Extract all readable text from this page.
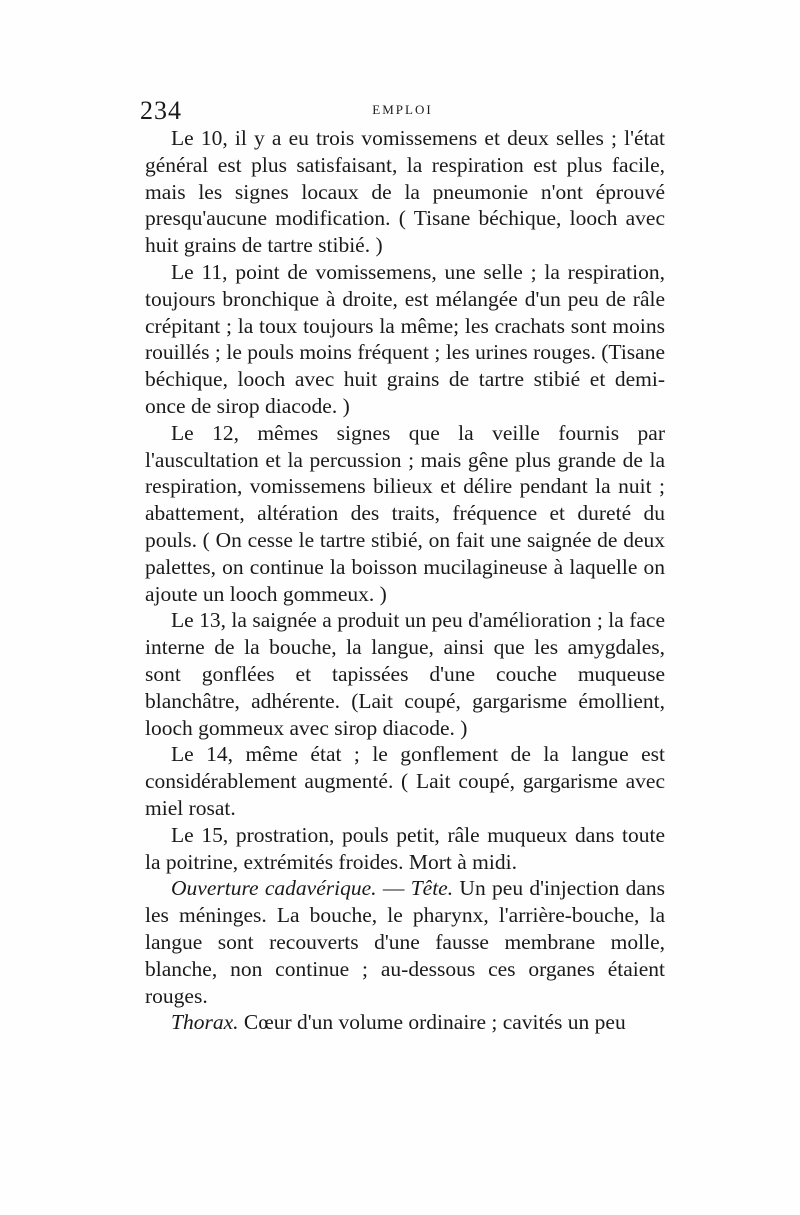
234	EMPLOI

Le 10, il y a eu trois vomissemens et deux selles ; l'état général est plus satisfaisant, la respiration est plus facile, mais les signes locaux de la pneumonie n'ont éprouvé presqu'aucune modification. ( Tisane béchique, looch avec huit grains de tartre stibié. )

Le 11, point de vomissemens, une selle ; la respiration, toujours bronchique à droite, est mélangée d'un peu de râle crépitant ; la toux toujours la même; les crachats sont moins rouillés ; le pouls moins fréquent ; les urines rouges. (Tisane béchique, looch avec huit grains de tartre stibié et demi-once de sirop diacode. )

Le 12, mêmes signes que la veille fournis par l'auscultation et la percussion ; mais gêne plus grande de la respiration, vomissemens bilieux et délire pendant la nuit ; abattement, altération des traits, fréquence et dureté du pouls. ( On cesse le tartre stibié, on fait une saignée de deux palettes, on continue la boisson mucilagineuse à laquelle on ajoute un looch gommeux. )

Le 13, la saignée a produit un peu d'amélioration ; la face interne de la bouche, la langue, ainsi que les amygdales, sont gonflées et tapissées d'une couche muqueuse blanchâtre, adhérente. (Lait coupé, gargarisme émollient, looch gommeux avec sirop diacode. )

Le 14, même état ; le gonflement de la langue est considérablement augmenté. ( Lait coupé, gargarisme avec miel rosat.

Le 15, prostration, pouls petit, râle muqueux dans toute la poitrine, extrémités froides. Mort à midi.

Ouverture cadavérique. — Tête. Un peu d'injection dans les méninges. La bouche, le pharynx, l'arrière-bouche, la langue sont recouverts d'une fausse membrane molle, blanche, non continue ; au-dessous ces organes étaient rouges.

Thorax. Cœur d'un volume ordinaire ; cavités un peu
